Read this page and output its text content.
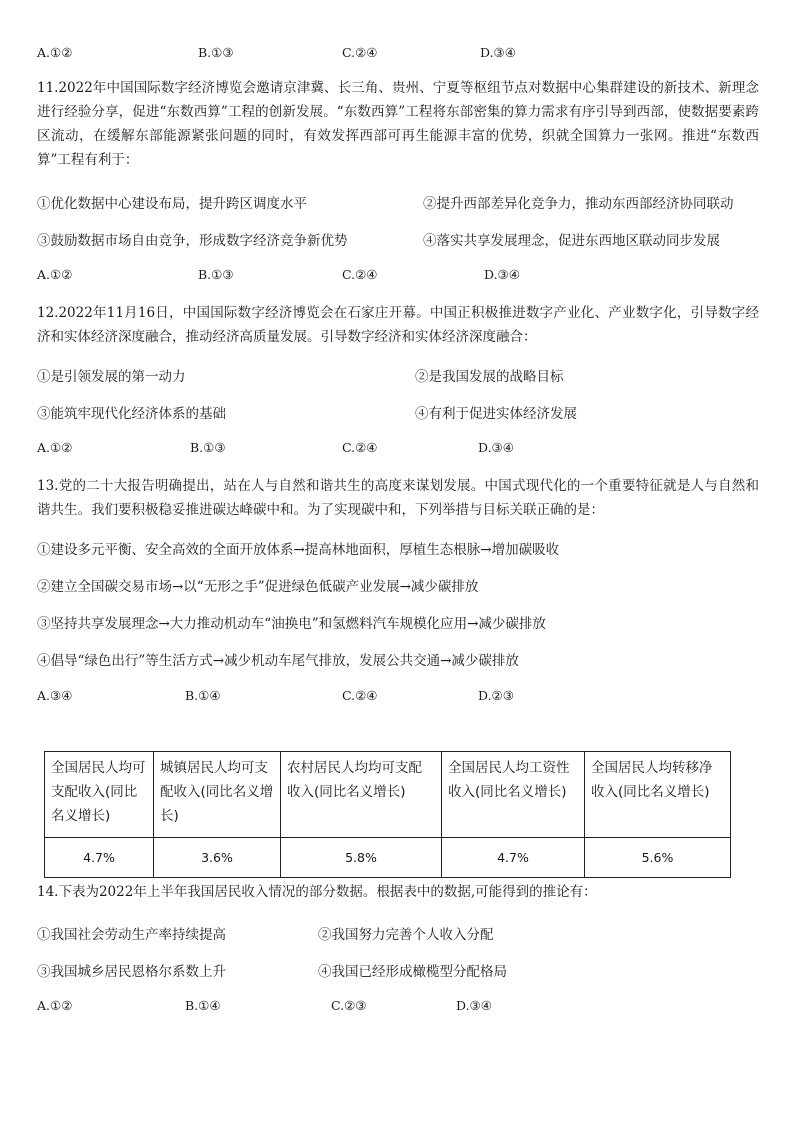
A.①②	B.①③	C.②④	D.③④
11.2022年中国国际数字经济博览会邀请京津冀、长三角、贵州、宁夏等枢纽节点对数据中心集群建设的新技术、新理念进行经验分享，促进“东数西算”工程的创新发展。“东数西算”工程将东部密集的算力需求有序引导到西部，使数据要素跨区流动，在缓解东部能源紧张问题的同时，有效发挥西部可再生能源丰富的优势，织就全国算力一张网。推进“东数西算”工程有利于：
①优化数据中心建设布局，提升跨区调度水平	②提升西部差异化竞争力，推动东西部经济协同联动
③鼓励数据市场自由竞争，形成数字经济竞争新优势	④落实共享发展理念，促进东西地区联动同步发展
A.①②	B.①③	C.②④	D.③④
12.2022年11月16日，中国国际数字经济博览会在石家庄开幕。中国正积极推进数字产业化、产业数字化，引导数字经济和实体经济深度融合，推动经济高质量发展。引导数字经济和实体经济深度融合：
①是引领发展的第一动力	②是我国发展的战略目标
③能筑牢现代化经济体系的基础	④有利于促进实体经济发展
A.①②	B.①③	C.②④	D.③④
13.党的二十大报告明确提出，站在人与自然和谐共生的高度来谋划发展。中国式现代化的一个重要特征就是人与自然和谐共生。我们要积极稳妥推进碳达峰碳中和。为了实现碳中和，下列举措与目标关联正确的是：
①建设多元平衡、安全高效的全面开放体系→提高林地面积，厚植生态根脉→增加碳吸收
②建立全国碳交易市场→以“无形之手”促进绿色低碳产业发展→减少碳排放
③坚持共享发展理念→大力推动机动车“油换电”和氢燃料汽车规模化应用→减少碳排放
④倡导“绿色出行”等生活方式→减少机动车尾气排放，发展公共交通→减少碳排放
A.③④	B.①④	C.②④	D.②③
全国居民人均可支配收入(同比名义增长)	城镇居民人均可支配收入(同比名义增长)	农村居民人均均可支配收入(同比名义增长)	全国居民人均工资性收入(同比名义增长)	全国居民人均转移净收入(同比名义增长)
4.7%	3.6%	5.8%	4.7%	5.6%
14.下表为2022年上半年我国居民收入情况的部分数据。根据表中的数据,可能得到的推论有：
①我国社会劳动生产率持续提高	②我国努力完善个人收入分配
③我国城乡居民恩格尔系数上升	④我国已经形成橄榄型分配格局
A.①②	B.①④	C.②③	D.③④
